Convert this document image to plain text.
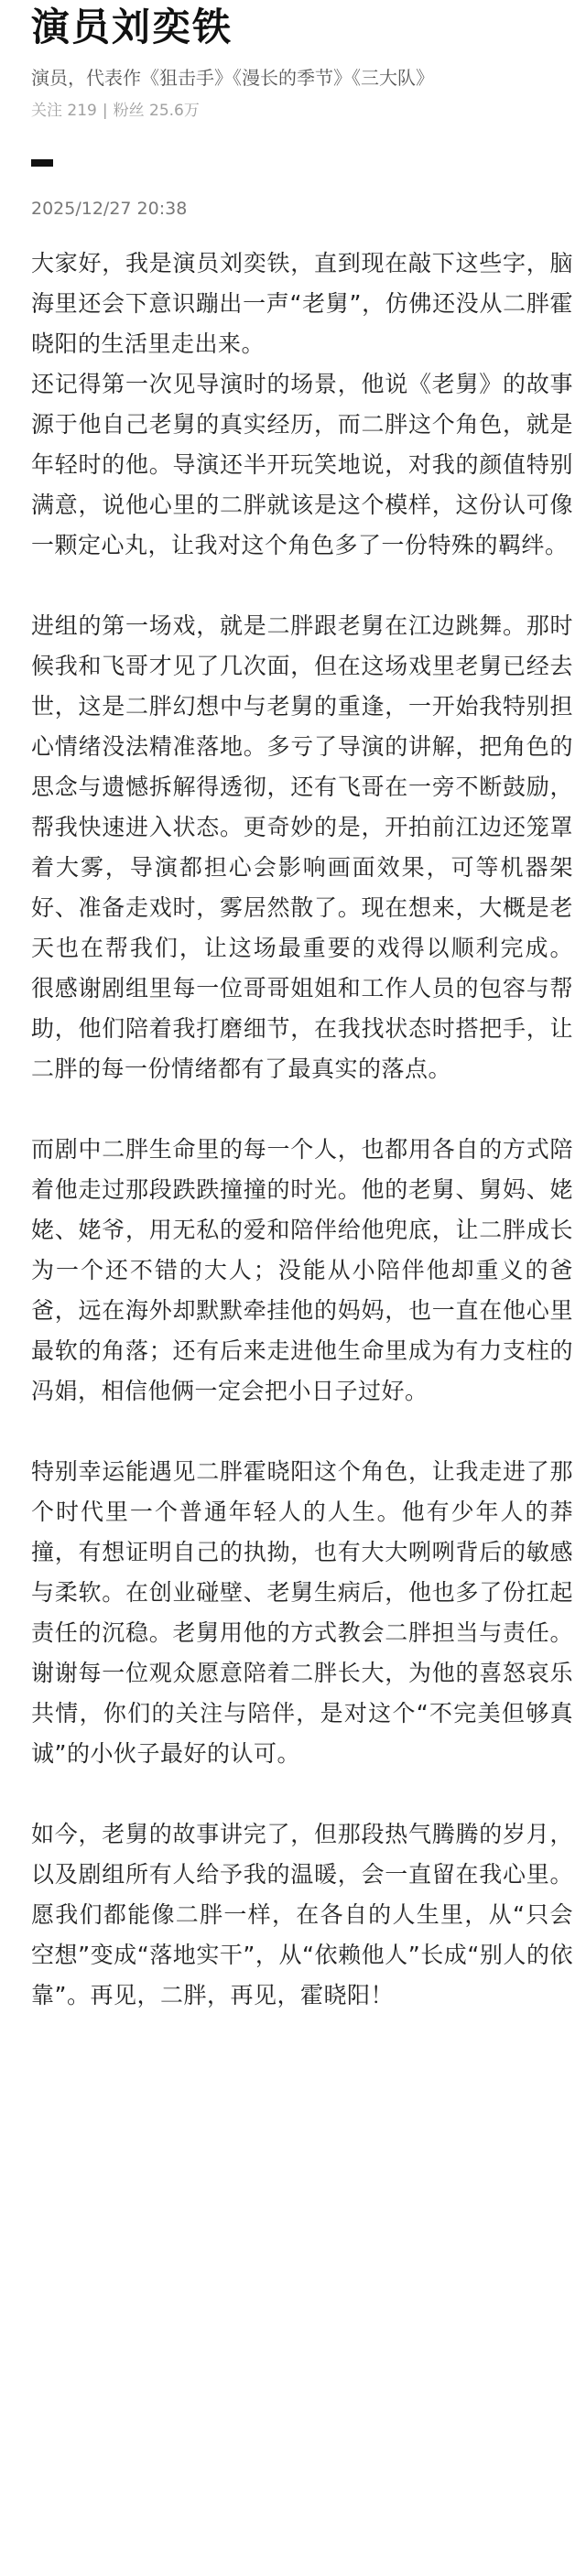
演员刘奕铁
演员，代表作《狙击手》《漫长的季节》《三大队》
关注 219 | 粉丝 25.6万
2025/12/27 20:38

大家好，我是演员刘奕铁，直到现在敲下这些字，脑海里还会下意识蹦出一声“老舅”，仿佛还没从二胖霍晓阳的生活里走出来。

还记得第一次见导演时的场景，他说《老舅》的故事源于他自己老舅的真实经历，而二胖这个角色，就是年轻时的他。导演还半开玩笑地说，对我的颜值特别满意，说他心里的二胖就该是这个模样，这份认可像一颗定心丸，让我对这个角色多了一份特殊的羁绊。

进组的第一场戏，就是二胖跟老舅在江边跳舞。那时候我和飞哥才见了几次面，但在这场戏里老舅已经去世，这是二胖幻想中与老舅的重逢，一开始我特别担心情绪没法精准落地。多亏了导演的讲解，把角色的思念与遗憾拆解得透彻，还有飞哥在一旁不断鼓励，帮我快速进入状态。更奇妙的是，开拍前江边还笼罩着大雾，导演都担心会影响画面效果，可等机器架好、准备走戏时，雾居然散了。现在想来，大概是老天也在帮我们，让这场最重要的戏得以顺利完成。 很感谢剧组里每一位哥哥姐姐和工作人员的包容与帮助，他们陪着我打磨细节，在我找状态时搭把手，让二胖的每一份情绪都有了最真实的落点。

而剧中二胖生命里的每一个人，也都用各自的方式陪着他走过那段跌跌撞撞的时光。他的老舅、舅妈、姥姥、姥爷，用无私的爱和陪伴给他兜底，让二胖成长为一个还不错的大人；没能从小陪伴他却重义的爸爸，远在海外却默默牵挂他的妈妈，也一直在他心里最软的角落；还有后来走进他生命里成为有力支柱的冯娟，相信他俩一定会把小日子过好。

特别幸运能遇见二胖霍晓阳这个角色，让我走进了那个时代里一个普通年轻人的人生。他有少年人的莽撞，有想证明自己的执拗，也有大大咧咧背后的敏感与柔软。在创业碰壁、老舅生病后，他也多了份扛起责任的沉稳。老舅用他的方式教会二胖担当与责任。谢谢每一位观众愿意陪着二胖长大，为他的喜怒哀乐共情，你们的关注与陪伴，是对这个“不完美但够真诚”的小伙子最好的认可。

如今，老舅的故事讲完了，但那段热气腾腾的岁月，以及剧组所有人给予我的温暖，会一直留在我心里。愿我们都能像二胖一样，在各自的人生里，从“只会空想”变成“落地实干”，从“依赖他人”长成“别人的依靠”。再见，二胖，再见，霍晓阳！
